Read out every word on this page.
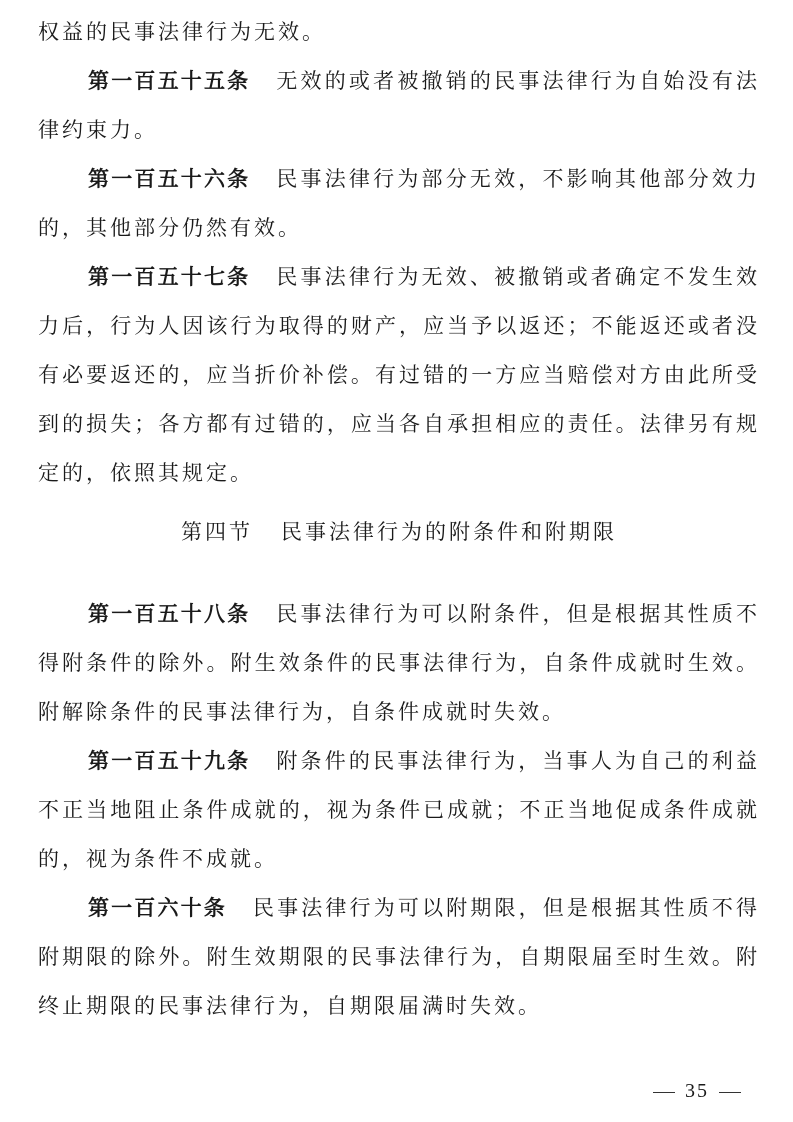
权益的民事法律行为无效。

第一百五十五条 无效的或者被撤销的民事法律行为自始没有法律约束力。

第一百五十六条 民事法律行为部分无效，不影响其他部分效力的，其他部分仍然有效。

第一百五十七条 民事法律行为无效、被撤销或者确定不发生效力后，行为人因该行为取得的财产，应当予以返还；不能返还或者没有必要返还的，应当折价补偿。有过错的一方应当赔偿对方由此所受到的损失；各方都有过错的，应当各自承担相应的责任。法律另有规定的，依照其规定。

第四节 民事法律行为的附条件和附期限

第一百五十八条 民事法律行为可以附条件，但是根据其性质不得附条件的除外。附生效条件的民事法律行为，自条件成就时生效。附解除条件的民事法律行为，自条件成就时失效。

第一百五十九条 附条件的民事法律行为，当事人为自己的利益不正当地阻止条件成就的，视为条件已成就；不正当地促成条件成就的，视为条件不成就。

第一百六十条 民事法律行为可以附期限，但是根据其性质不得附期限的除外。附生效期限的民事法律行为，自期限届至时生效。附终止期限的民事法律行为，自期限届满时失效。

35
